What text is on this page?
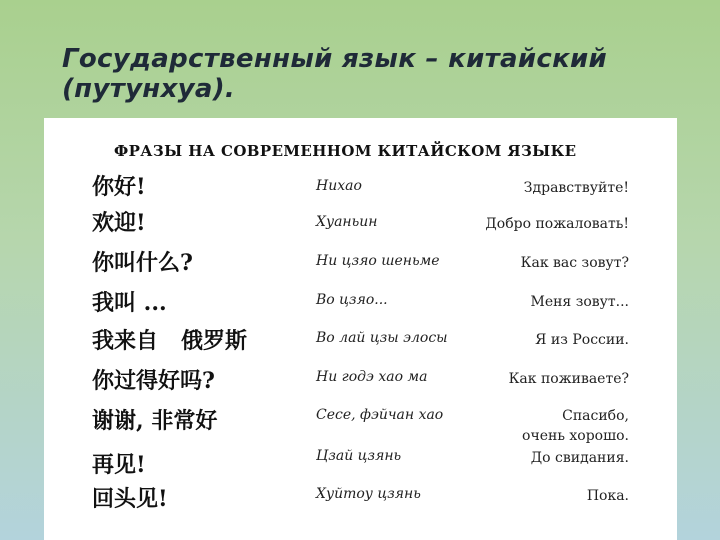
Государственный язык – китайский
(путунхуа).
ФРАЗЫ НА СОВРЕМЕННОМ КИТАЙСКОМ ЯЗЫКЕ
你好!	Нихао	Здравствуйте!
欢迎!	Хуаньин	Добро пожаловать!
你叫什么?	Ни цзяо шеньме	Как вас зовут?
我叫 ...	Во цзяо...	Меня зовут...
我来自   俄罗斯	Во лай цзы элосы	Я из России.
你过得好吗?	Ни годэ хао ма	Как поживаете?
谢谢, 非常好	Сесе, фэйчан хао	Спасибо,
очень хорошо.
再见!	Цзай цзянь	До свидания.
回头见!	Хуйтоу цзянь	Пока.
